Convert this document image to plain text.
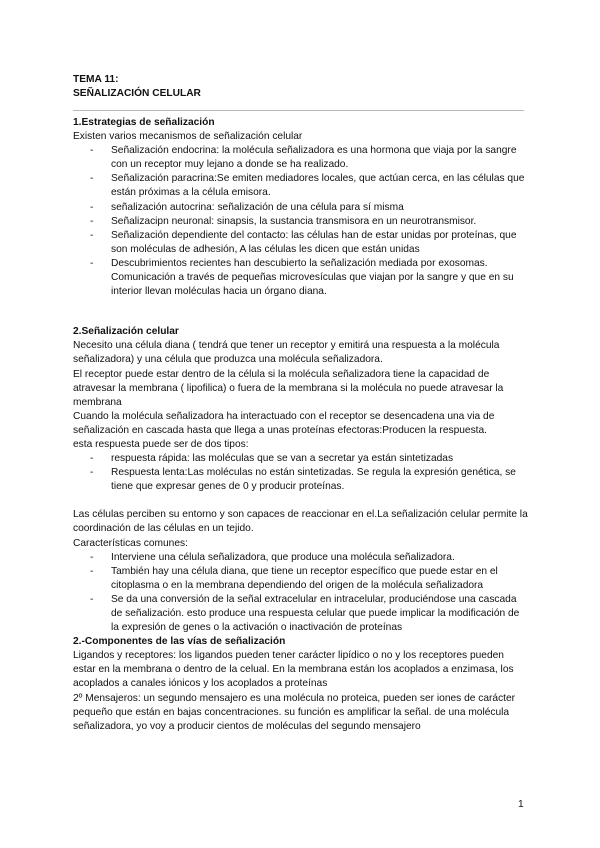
TEMA 11:
SEÑALIZACIÓN CELULAR

1.Estrategias de señalización

Existen varios mecanismos de señalización celular

- Señalización endocrina: la molécula señalizadora es una hormona que viaja por la sangre con un receptor muy lejano a donde se ha realizado.
- Señalización paracrina:Se emiten mediadores locales, que actúan cerca, en las células que están próximas a la célula emisora.
- señalización autocrina: señalización de una célula para sí misma
- Señalizacipn neuronal: sinapsis, la sustancia transmisora en un neurotransmisor.
- Señalización dependiente del contacto: las células han de estar unidas por proteínas, que son moléculas de adhesión, A las células les dicen que están unidas
- Descubrimientos recientes han descubierto la señalización mediada por exosomas. Comunicación a través de pequeñas microvesículas que viajan por la sangre y que en su interior llevan moléculas hacia un órgano diana.

2.Señalización celular

Necesito una célula diana ( tendrá que tener un receptor y emitirá una respuesta a la molécula señalizadora) y una célula que produzca una molécula señalizadora.

El receptor puede estar dentro de la célula si la molécula señalizadora tiene la capacidad de atravesar la membrana ( lipofilica) o fuera de la membrana si la molécula no puede atravesar la membrana

Cuando la molécula señalizadora ha interactuado con el receptor se desencadena una via de señalización en cascada hasta que llega a unas proteínas efectoras:Producen la respuesta.

esta respuesta puede ser de dos tipos:

- respuesta rápida: las moléculas que se van a secretar ya están sintetizadas
- Respuesta lenta:Las moléculas no están sintetizadas. Se regula la expresión genética, se tiene que expresar genes de 0 y producir proteínas.

Las células perciben su entorno y son capaces de reaccionar en el.La señalización celular permite la coordinación de las células en un tejido.

Características comunes:

- Interviene una célula señalizadora, que produce una molécula señalizadora.
- También hay una célula diana, que tiene un receptor específico que puede estar en el citoplasma o en la membrana dependiendo del origen de la molécula señalizadora
- Se da una conversión de la señal extracelular en intracelular, produciéndose una cascada de señalización. esto produce una respuesta celular que puede implicar la modificación de la expresión de genes o la activación o inactivación de proteínas

2.-Componentes de las vías de señalización

Ligandos y receptores: los ligandos pueden tener carácter lipídico o no y los receptores pueden estar en la membrana o dentro de la celual. En la membrana están los acoplados a enzimasa, los acoplados a canales iónicos y los acoplados a proteínas

2º Mensajeros: un segundo mensajero es una molécula no proteica, pueden ser iones de carácter pequeño que están en bajas concentraciones. su función es amplificar la señal. de una molécula señalizadora, yo voy a producir cientos de moléculas del segundo mensajero

1
